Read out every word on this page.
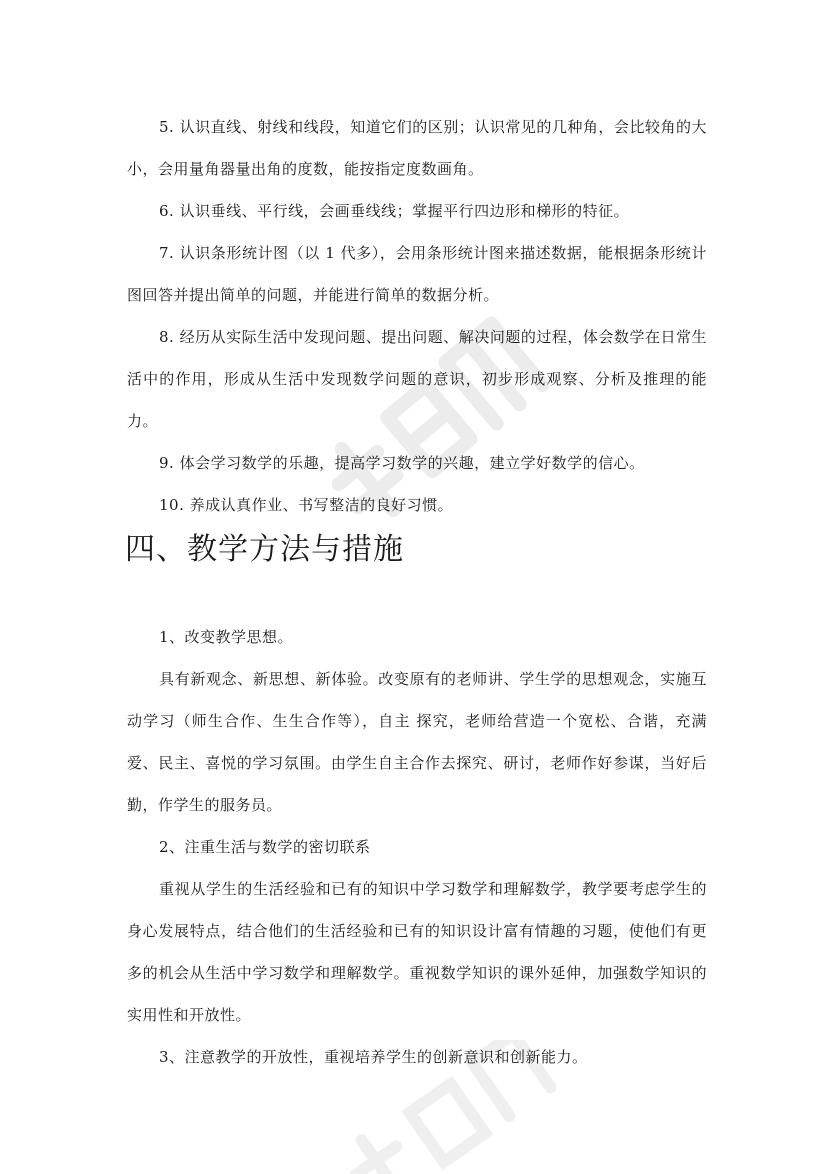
5. 认识直线、射线和线段，知道它们的区别；认识常见的几种角，会比较角的大小，会用量角器量出角的度数，能按指定度数画角。

6. 认识垂线、平行线，会画垂线线；掌握平行四边形和梯形的特征。

7. 认识条形统计图（以 1 代多），会用条形统计图来描述数据，能根据条形统计图回答并提出简单的问题，并能进行简单的数据分析。

8. 经历从实际生活中发现问题、提出问题、解决问题的过程，体会数学在日常生活中的作用，形成从生活中发现数学问题的意识，初步形成观察、分析及推理的能力。

9. 体会学习数学的乐趣，提高学习数学的兴趣，建立学好数学的信心。

10. 养成认真作业、书写整洁的良好习惯。

四、教学方法与措施

1、改变教学思想。

具有新观念、新思想、新体验。改变原有的老师讲、学生学的思想观念，实施互动学习（师生合作、生生合作等），自主 探究，老师给营造一个宽松、合谐，充满爱、民主、喜悦的学习氛围。由学生自主合作去探究、研讨，老师作好参谋，当好后勤，作学生的服务员。

2、注重生活与数学的密切联系

重视从学生的生活经验和已有的知识中学习数学和理解数学，教学要考虑学生的身心发展特点，结合他们的生活经验和已有的知识设计富有情趣的习题，使他们有更多的机会从生活中学习数学和理解数学。重视数学知识的课外延伸，加强数学知识的实用性和开放性。

3、注意教学的开放性，重视培养学生的创新意识和创新能力。
